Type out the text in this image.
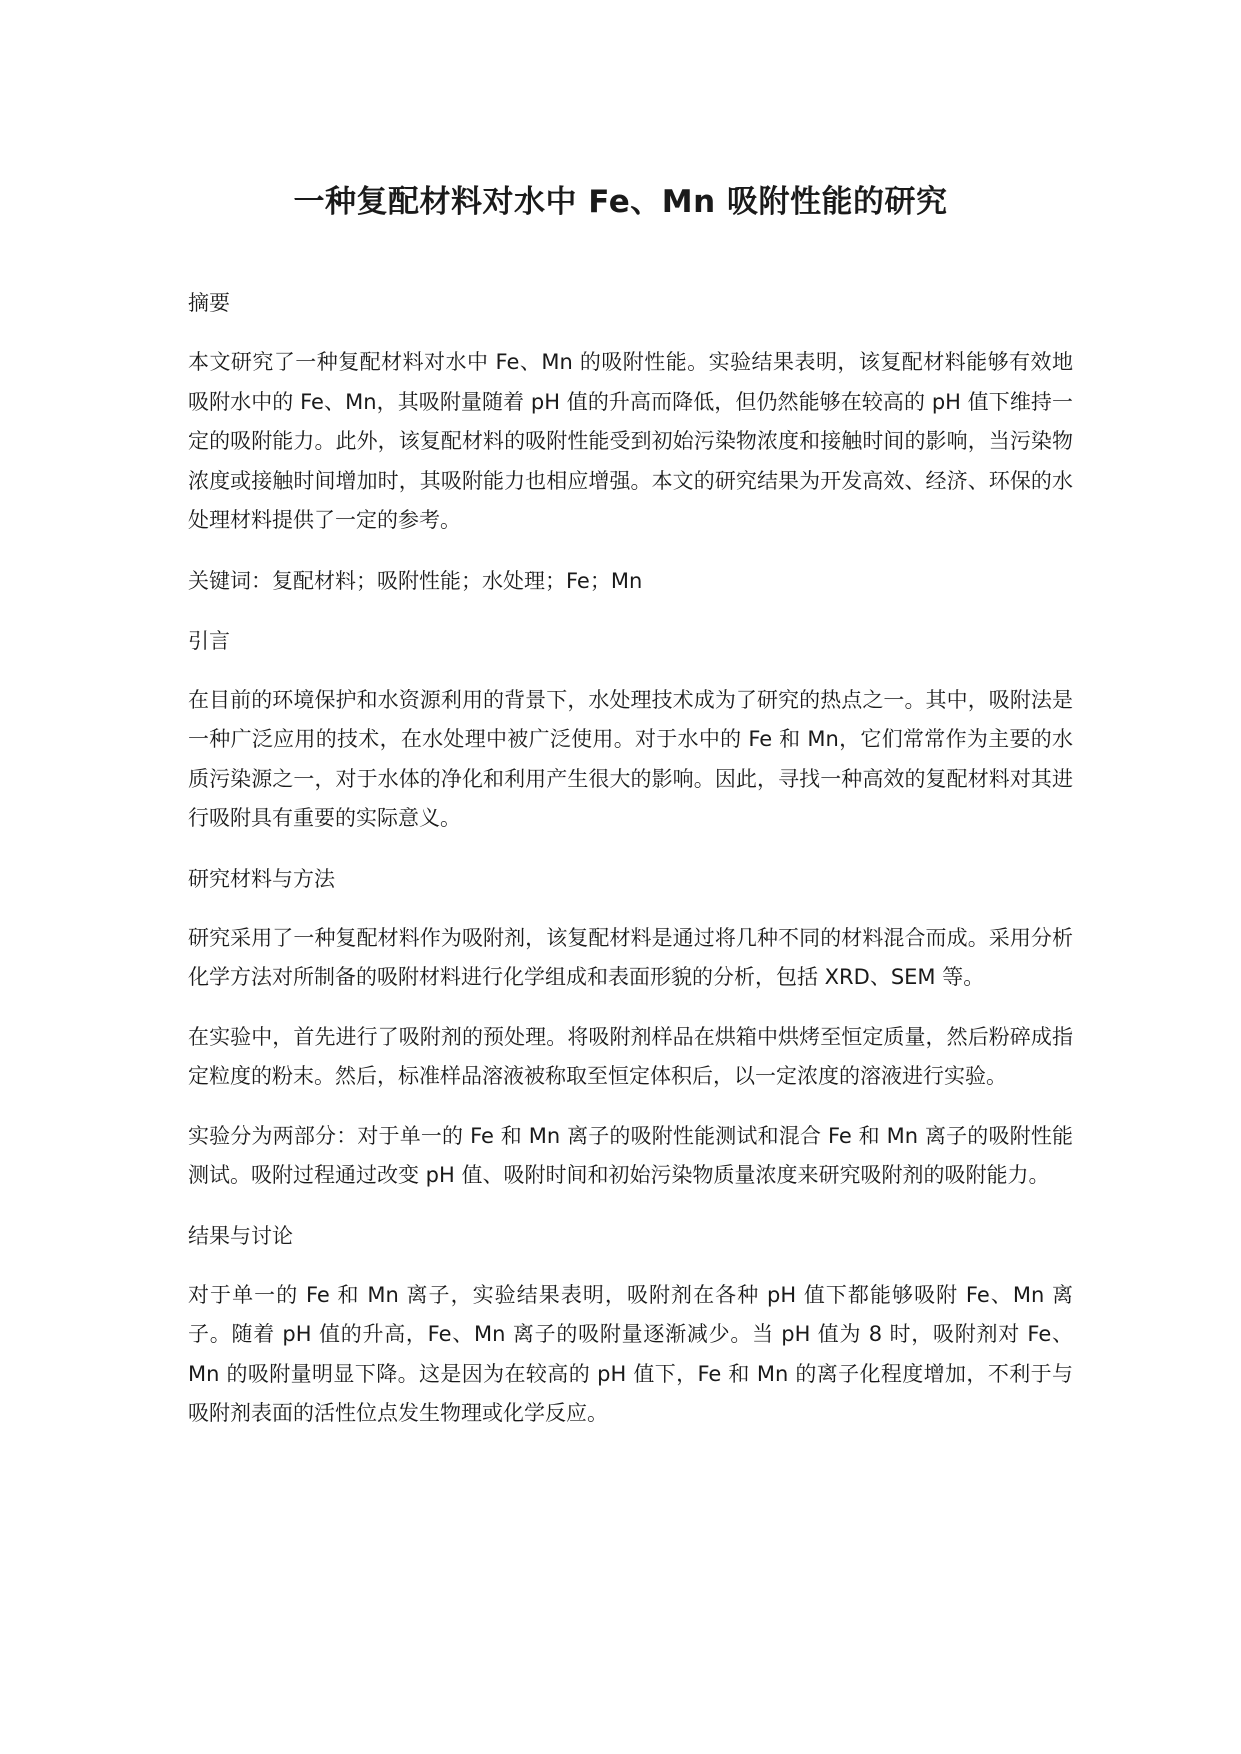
一种复配材料对水中 Fe、Mn 吸附性能的研究

摘要

本文研究了一种复配材料对水中 Fe、Mn 的吸附性能。实验结果表明，该复配材料能够有效地吸附水中的 Fe、Mn，其吸附量随着 pH 值的升高而降低，但仍然能够在较高的 pH 值下维持一定的吸附能力。此外，该复配材料的吸附性能受到初始污染物浓度和接触时间的影响，当污染物浓度或接触时间增加时，其吸附能力也相应增强。本文的研究结果为开发高效、经济、环保的水处理材料提供了一定的参考。

关键词：复配材料；吸附性能；水处理；Fe；Mn

引言

在目前的环境保护和水资源利用的背景下，水处理技术成为了研究的热点之一。其中，吸附法是一种广泛应用的技术，在水处理中被广泛使用。对于水中的 Fe 和 Mn，它们常常作为主要的水质污染源之一，对于水体的净化和利用产生很大的影响。因此，寻找一种高效的复配材料对其进行吸附具有重要的实际意义。

研究材料与方法

研究采用了一种复配材料作为吸附剂，该复配材料是通过将几种不同的材料混合而成。采用分析化学方法对所制备的吸附材料进行化学组成和表面形貌的分析，包括 XRD、SEM 等。

在实验中，首先进行了吸附剂的预处理。将吸附剂样品在烘箱中烘烤至恒定质量，然后粉碎成指定粒度的粉末。然后，标准样品溶液被称取至恒定体积后，以一定浓度的溶液进行实验。

实验分为两部分：对于单一的 Fe 和 Mn 离子的吸附性能测试和混合 Fe 和 Mn 离子的吸附性能测试。吸附过程通过改变 pH 值、吸附时间和初始污染物质量浓度来研究吸附剂的吸附能力。

结果与讨论

对于单一的 Fe 和 Mn 离子，实验结果表明，吸附剂在各种 pH 值下都能够吸附 Fe、Mn 离子。随着 pH 值的升高，Fe、Mn 离子的吸附量逐渐减少。当 pH 值为 8 时，吸附剂对 Fe、Mn 的吸附量明显下降。这是因为在较高的 pH 值下，Fe 和 Mn 的离子化程度增加，不利于与吸附剂表面的活性位点发生物理或化学反应。
